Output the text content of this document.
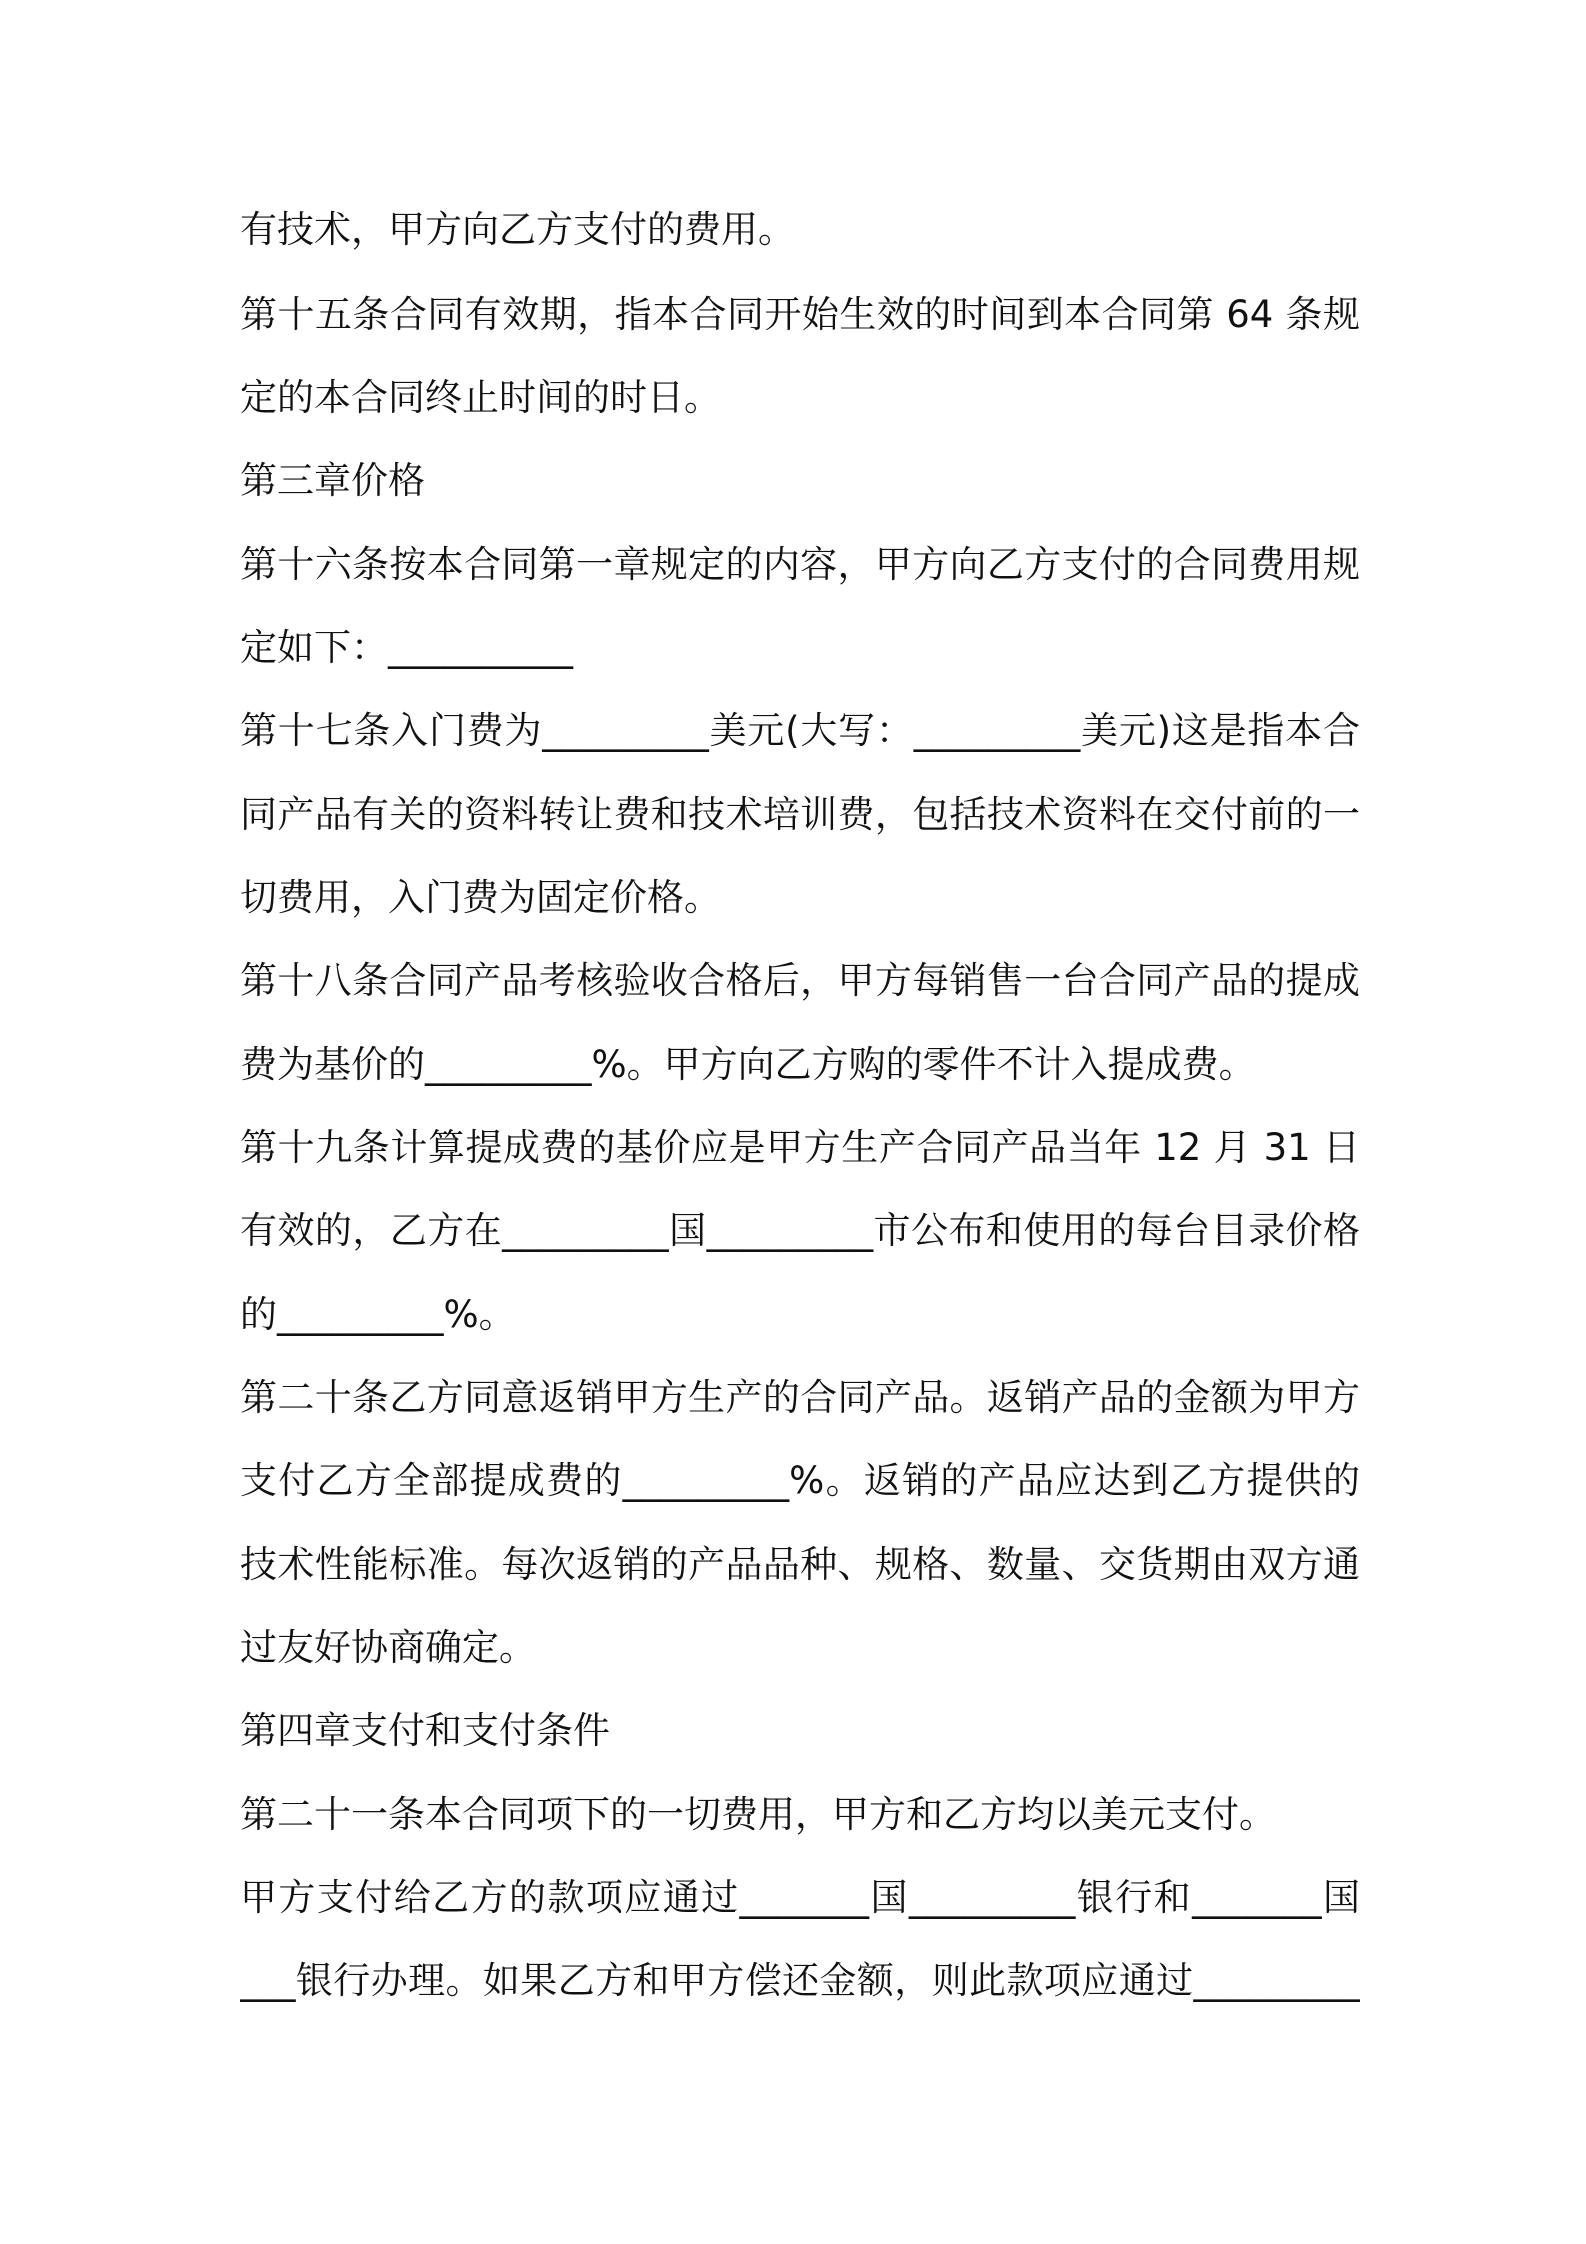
有技术，甲方向乙方支付的费用。

第十五条合同有效期，指本合同开始生效的时间到本合同第 64 条规

定的本合同终止时间的时日。

第三章价格

第十六条按本合同第一章规定的内容，甲方向乙方支付的合同费用规

定如下：__________

第十七条入门费为_________美元(大写：_________美元)这是指本合

同产品有关的资料转让费和技术培训费，包括技术资料在交付前的一

切费用，入门费为固定价格。

第十八条合同产品考核验收合格后，甲方每销售一台合同产品的提成

费为基价的_________%。甲方向乙方购的零件不计入提成费。

第十九条计算提成费的基价应是甲方生产合同产品当年 12 月 31 日

有效的，乙方在_________国_________市公布和使用的每台目录价格

的_________%。

第二十条乙方同意返销甲方生产的合同产品。返销产品的金额为甲方

支付乙方全部提成费的_________%。返销的产品应达到乙方提供的

技术性能标准。每次返销的产品品种、规格、数量、交货期由双方通

过友好协商确定。

第四章支付和支付条件

第二十一条本合同项下的一切费用，甲方和乙方均以美元支付。

甲方支付给乙方的款项应通过_______国_________银行和_______国

___银行办理。如果乙方和甲方偿还金额，则此款项应通过_________
